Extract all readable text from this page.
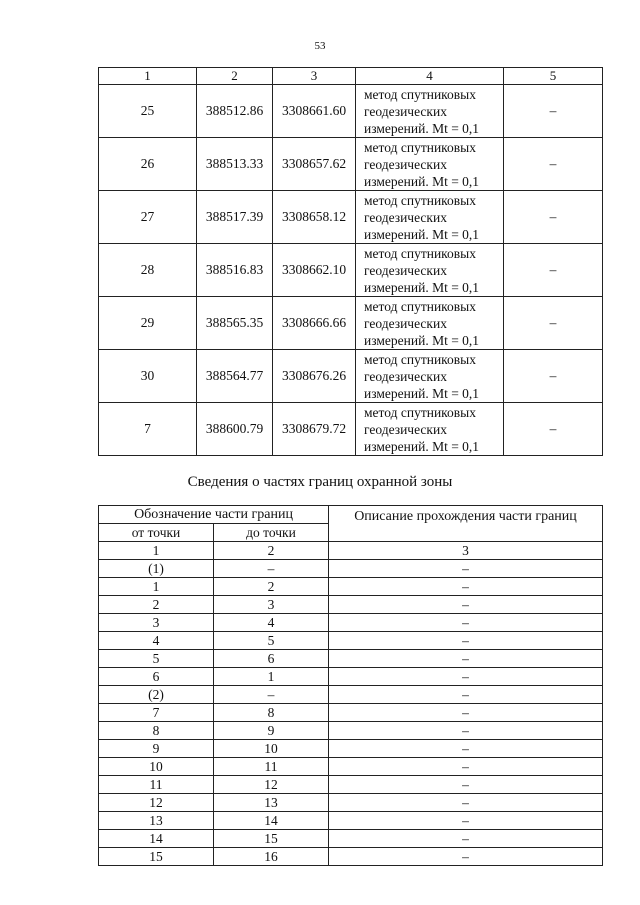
53
1	2	3	4	5
25	388512.86	3308661.60	метод спутниковых
геодезических
измерений. Mt = 0,1	–
26	388513.33	3308657.62	метод спутниковых
геодезических
измерений. Mt = 0,1	–
27	388517.39	3308658.12	метод спутниковых
геодезических
измерений. Mt = 0,1	–
28	388516.83	3308662.10	метод спутниковых
геодезических
измерений. Mt = 0,1	–
29	388565.35	3308666.66	метод спутниковых
геодезических
измерений. Mt = 0,1	–
30	388564.77	3308676.26	метод спутниковых
геодезических
измерений. Mt = 0,1	–
7	388600.79	3308679.72	метод спутниковых
геодезических
измерений. Mt = 0,1	–
Сведения о частях границ охранной зоны
Обозначение части границ		Описание прохождения части границ
от точки	до точки	
1	2	3
(1)	–	–
1	2	–
2	3	–
3	4	–
4	5	–
5	6	–
6	1	–
(2)	–	–
7	8	–
8	9	–
9	10	–
10	11	–
11	12	–
12	13	–
13	14	–
14	15	–
15	16	–
